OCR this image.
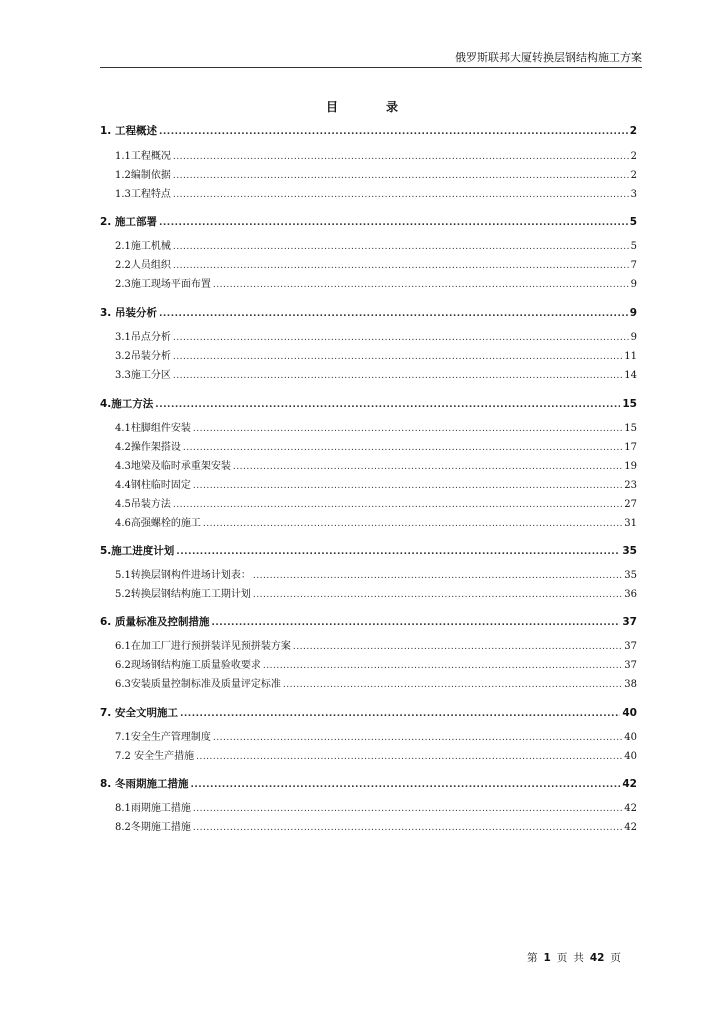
俄罗斯联邦大厦转换层钢结构施工方案
目	录
1. 工程概述 .....	2
1.1工程概况 .....	2
1.2编制依据 .....	2
1.3工程特点 .....	3
2. 施工部署 .....	5
2.1施工机械 .....	5
2.2人员组织 .....	7
2.3施工现场平面布置 .....	9
3. 吊装分析 .....	9
3.1吊点分析 .....	9
3.2吊装分析 .....	11
3.3施工分区 .....	14
4.施工方法 .....	15
4.1柱脚组件安装 .....	15
4.2操作架搭设 .....	17
4.3地梁及临时承重架安装 .....	19
4.4钢柱临时固定 .....	23
4.5吊装方法 .....	27
4.6高强螺栓的施工 .....	31
5.施工进度计划 .....	35
5.1转换层钢构件进场计划表： .....	35
5.2转换层钢结构施工工期计划 .....	36
6. 质量标准及控制措施 .....	37
6.1在加工厂进行预拼装详见预拼装方案 .....	37
6.2现场钢结构施工质量验收要求 .....	37
6.3安装质量控制标准及质量评定标准 .....	38
7. 安全文明施工 .....	40
7.1安全生产管理制度 .....	40
7.2 安全生产措施 .....	40
8. 冬雨期施工措施 .....	42
8.1雨期施工措施 .....	42
8.2冬期施工措施 .....	42
第 1 页 共 42 页
